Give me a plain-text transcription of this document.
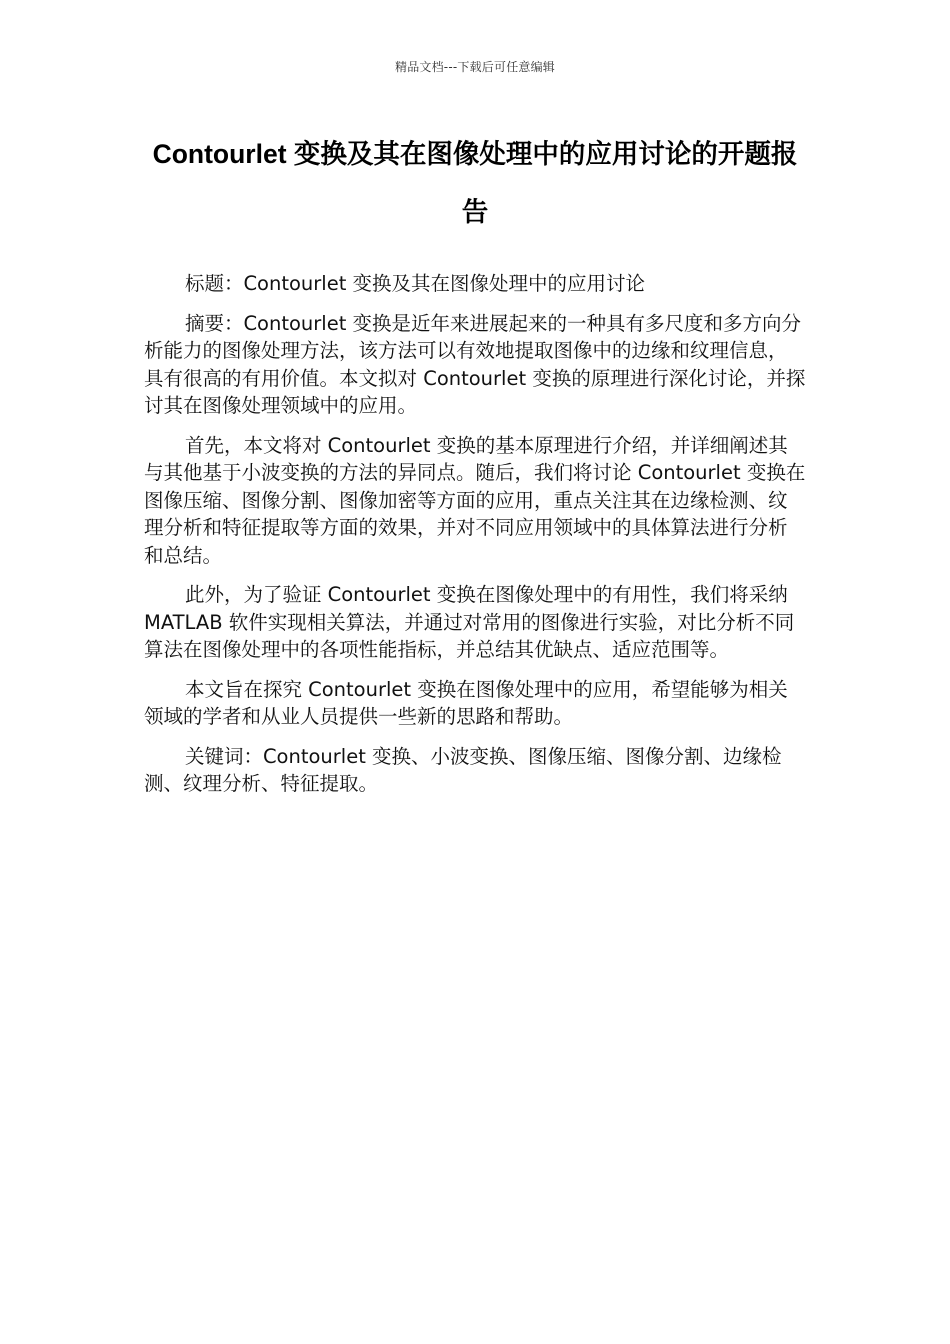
精品文档---下载后可任意编辑
Contourlet 变换及其在图像处理中的应用讨论的开题报告

标题：Contourlet 变换及其在图像处理中的应用讨论

摘要：Contourlet 变换是近年来进展起来的一种具有多尺度和多方向分析能力的图像处理方法，该方法可以有效地提取图像中的边缘和纹理信息，具有很高的有用价值。本文拟对 Contourlet 变换的原理进行深化讨论，并探讨其在图像处理领域中的应用。

首先，本文将对 Contourlet 变换的基本原理进行介绍，并详细阐述其与其他基于小波变换的方法的异同点。随后，我们将讨论 Contourlet 变换在图像压缩、图像分割、图像加密等方面的应用，重点关注其在边缘检测、纹理分析和特征提取等方面的效果，并对不同应用领域中的具体算法进行分析和总结。

此外，为了验证 Contourlet 变换在图像处理中的有用性，我们将采纳 MATLAB 软件实现相关算法，并通过对常用的图像进行实验，对比分析不同算法在图像处理中的各项性能指标，并总结其优缺点、适应范围等。

本文旨在探究 Contourlet 变换在图像处理中的应用，希望能够为相关领域的学者和从业人员提供一些新的思路和帮助。

关键词：Contourlet 变换、小波变换、图像压缩、图像分割、边缘检测、纹理分析、特征提取。
